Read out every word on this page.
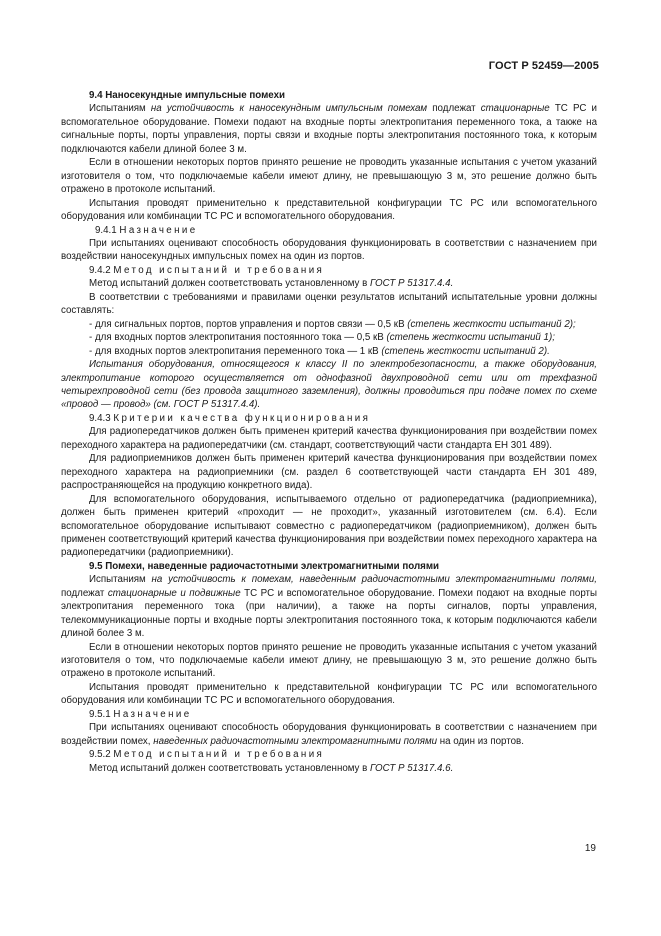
ГОСТ Р 52459—2005
9.4 Наносекундные импульсные помехи

Испытаниям на устойчивость к наносекундным импульсным помехам подлежат стационарные ТС РС и вспомогательное оборудование. Помехи подают на входные порты электропитания переменного тока, а также на сигнальные порты, порты управления, порты связи и входные порты электропитания постоянного тока, к которым подключаются кабели длиной более 3 м.

Если в отношении некоторых портов принято решение не проводить указанные испытания с учетом указаний изготовителя о том, что подключаемые кабели имеют длину, не превышающую 3 м, это решение должно быть отражено в протоколе испытаний.

Испытания проводят применительно к представительной конфигурации ТС РС или вспомогательного оборудования или комбинации ТС РС и вспомогательного оборудования.

9.4.1 Назначение

При испытаниях оценивают способность оборудования функционировать в соответствии с назначением при воздействии наносекундных импульсных помех на один из портов.

9.4.2 Метод испытаний и требования

Метод испытаний должен соответствовать установленному в ГОСТ Р 51317.4.4.

В соответствии с требованиями и правилами оценки результатов испытаний испытательные уровни должны составлять:

- для сигнальных портов, портов управления и портов связи — 0,5 кВ (степень жесткости испытаний 2);

- для входных портов электропитания постоянного тока — 0,5 кВ (степень жесткости испытаний 1);

- для входных портов электропитания переменного тока — 1 кВ (степень жесткости испытаний 2).

Испытания оборудования, относящегося к классу II по электробезопасности, а также оборудования, электропитание которого осуществляется от однофазной двухпроводной сети или от трехфазной четырехпроводной сети (без провода защитного заземления), должны проводиться при подаче помех по схеме «провод — провод» (см. ГОСТ Р 51317.4.4).

9.4.3 Критерии качества функционирования

Для радиопередатчиков должен быть применен критерий качества функционирования при воздействии помех переходного характера на радиопередатчики (см. стандарт, соответствующий части стандарта ЕН 301 489).

Для радиоприемников должен быть применен критерий качества функционирования при воздействии помех переходного характера на радиоприемники (см. раздел 6 соответствующей части стандарта ЕН 301 489, распространяющейся на продукцию конкретного вида).

Для вспомогательного оборудования, испытываемого отдельно от радиопередатчика (радиоприемника), должен быть применен критерий «проходит — не проходит», указанный изготовителем (см. 6.4). Если вспомогательное оборудование испытывают совместно с радиопередатчиком (радиоприемником), должен быть применен соответствующий критерий качества функционирования при воздействии помех переходного характера на радиопередатчики (радиоприемники).

9.5 Помехи, наведенные радиочастотными электромагнитными полями

Испытаниям на устойчивость к помехам, наведенным радиочастотными электромагнитными полями, подлежат стационарные и подвижные ТС РС и вспомогательное оборудование. Помехи подают на входные порты электропитания переменного тока (при наличии), а также на порты сигналов, порты управления, телекоммуникационные порты и входные порты электропитания постоянного тока, к которым подключаются кабели длиной более 3 м.

Если в отношении некоторых портов принято решение не проводить указанные испытания с учетом указаний изготовителя о том, что подключаемые кабели имеют длину, не превышающую 3 м, это решение должно быть отражено в протоколе испытаний.

Испытания проводят применительно к представительной конфигурации ТС РС или вспомогательного оборудования или комбинации ТС РС и вспомогательного оборудования.

9.5.1 Назначение

При испытаниях оценивают способность оборудования функционировать в соответствии с назначением при воздействии помех, наведенных радиочастотными электромагнитными полями на один из портов.

9.5.2 Метод испытаний и требования

Метод испытаний должен соответствовать установленному в ГОСТ Р 51317.4.6.

19
